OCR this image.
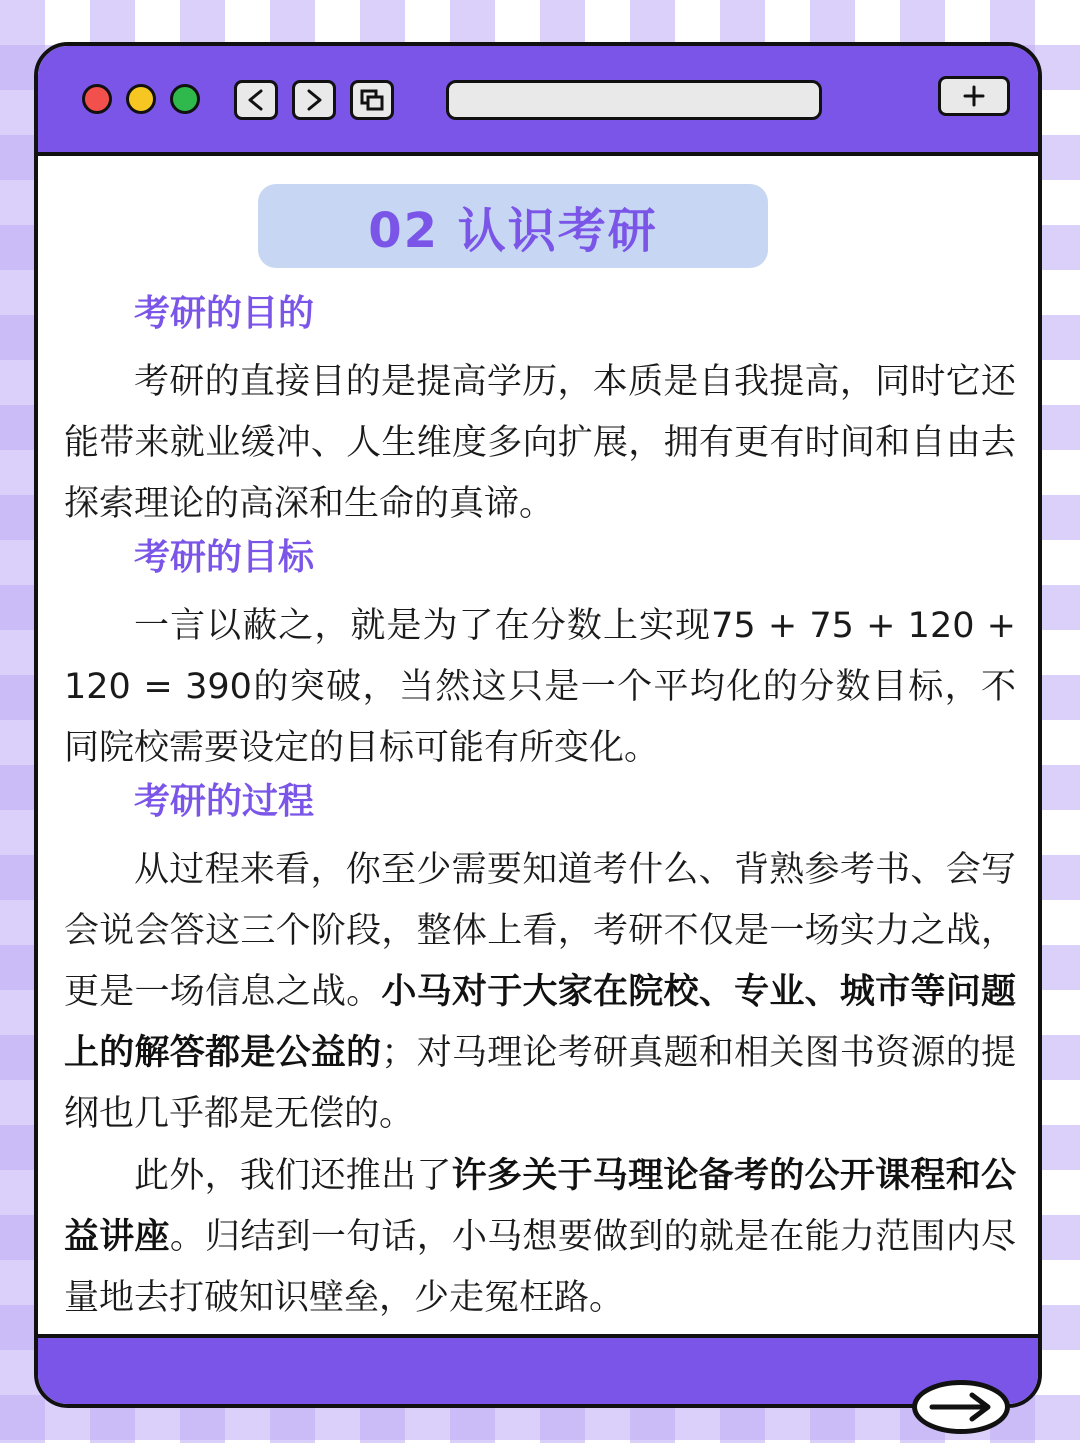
02 认识考研
考研的目的

考研的直接目的是提高学历，本质是自我提高，同时它还能带来就业缓冲、人生维度多向扩展，拥有更有时间和自由去探索理论的高深和生命的真谛。

考研的目标

一言以蔽之，就是为了在分数上实现75 + 75 + 120 + 120 = 390的突破，当然这只是一个平均化的分数目标，不同院校需要设定的目标可能有所变化。

考研的过程

从过程来看，你至少需要知道考什么、背熟参考书、会写会说会答这三个阶段，整体上看，考研不仅是一场实力之战，更是一场信息之战。小马对于大家在院校、专业、城市等问题上的解答都是公益的；对马理论考研真题和相关图书资源的提纲也几乎都是无偿的。

此外，我们还推出了许多关于马理论备考的公开课程和公益讲座。归结到一句话，小马想要做到的就是在能力范围内尽量地去打破知识壁垒，少走冤枉路。
